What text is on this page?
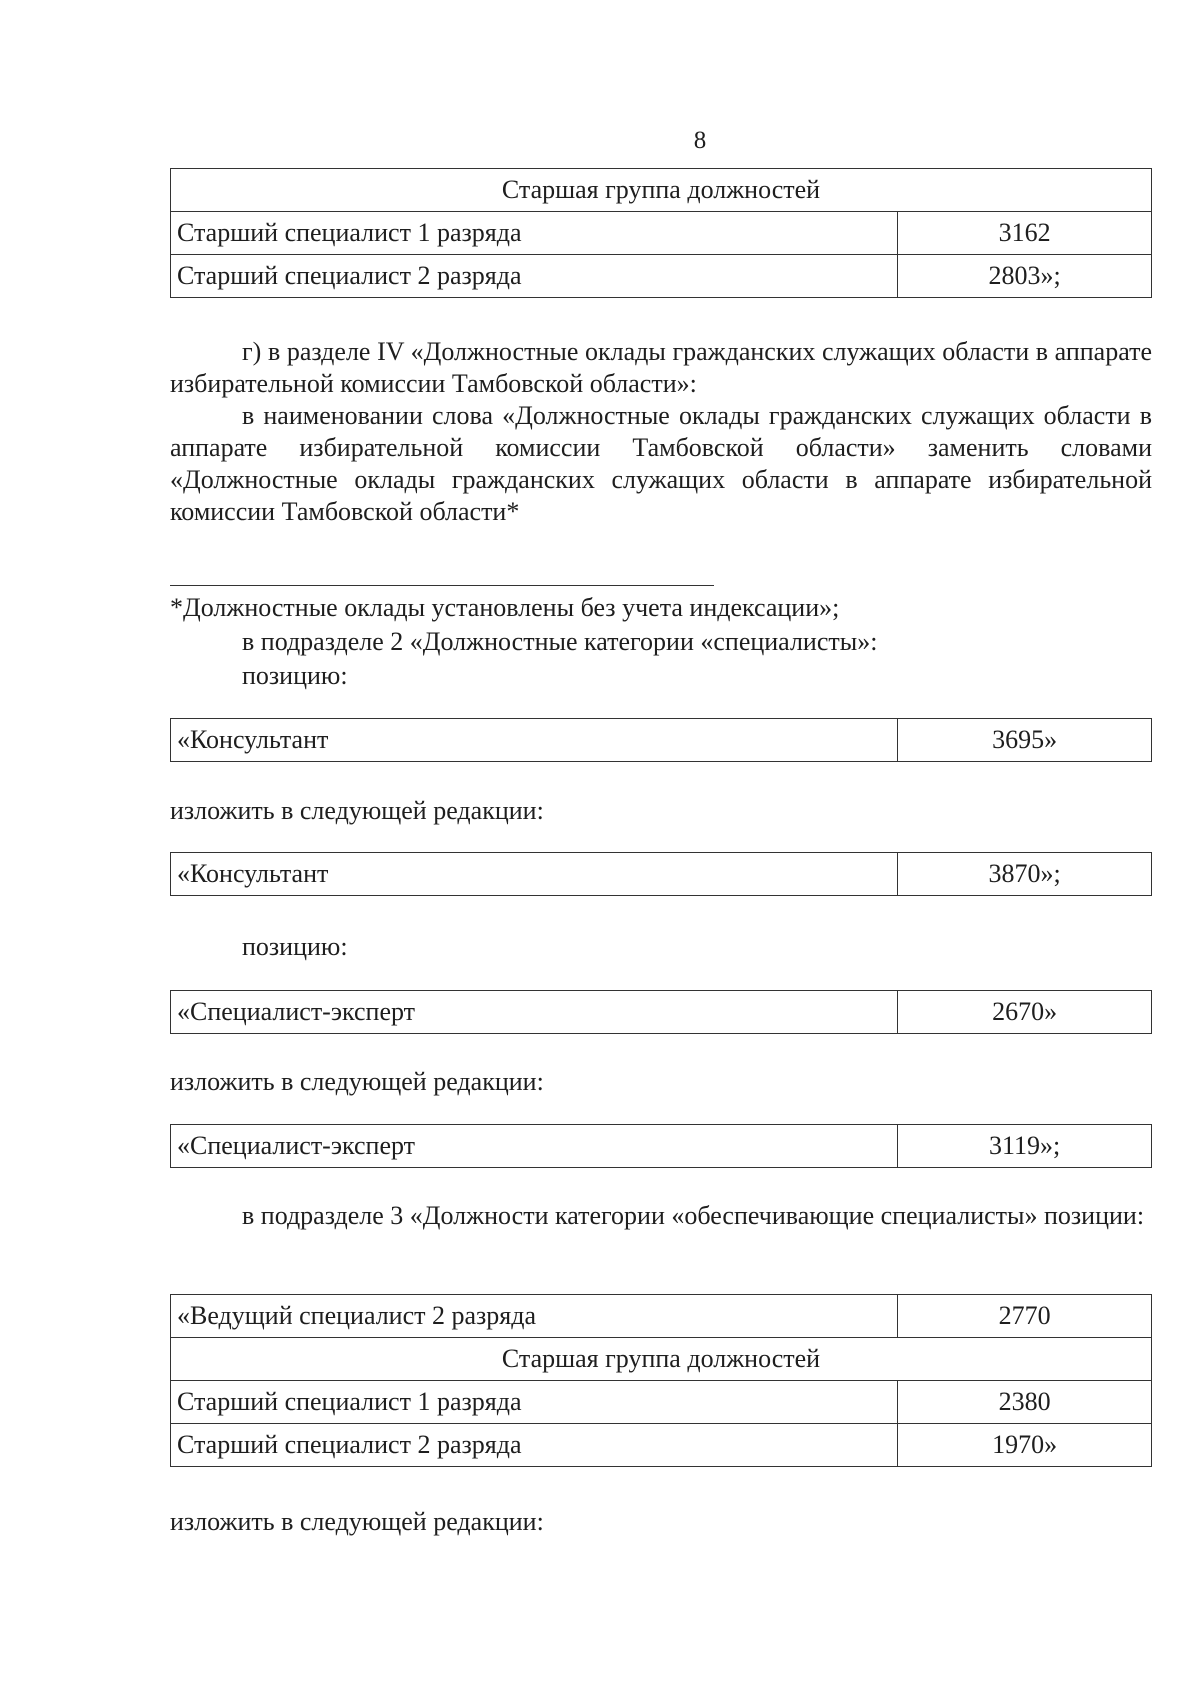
8
Старшая группа должностей	
Старший специалист 1 разряда	3162
Старший специалист 2 разряда	2803»;
г) в разделе IV «Должностные оклады гражданских служащих области в аппарате избирательной комиссии Тамбовской области»:
в наименовании слова «Должностные оклады гражданских служащих области в аппарате избирательной комиссии Тамбовской области» заменить словами «Должностные оклады гражданских служащих области в аппарате избирательной комиссии Тамбовской области*
*Должностные оклады установлены без учета индексации»;
в подразделе 2 «Должностные категории «специалисты»:
позицию:
«Консультант	3695»
изложить в следующей редакции:
«Консультант	3870»;
позицию:
«Специалист-эксперт	2670»
изложить в следующей редакции:
«Специалист-эксперт	3119»;
в подразделе 3 «Должности категории «обеспечивающие специалисты» позиции:
«Ведущий специалист 2 разряда	2770
Старшая группа должностей	
Старший специалист 1 разряда	2380
Старший специалист 2 разряда	1970»
изложить в следующей редакции:
